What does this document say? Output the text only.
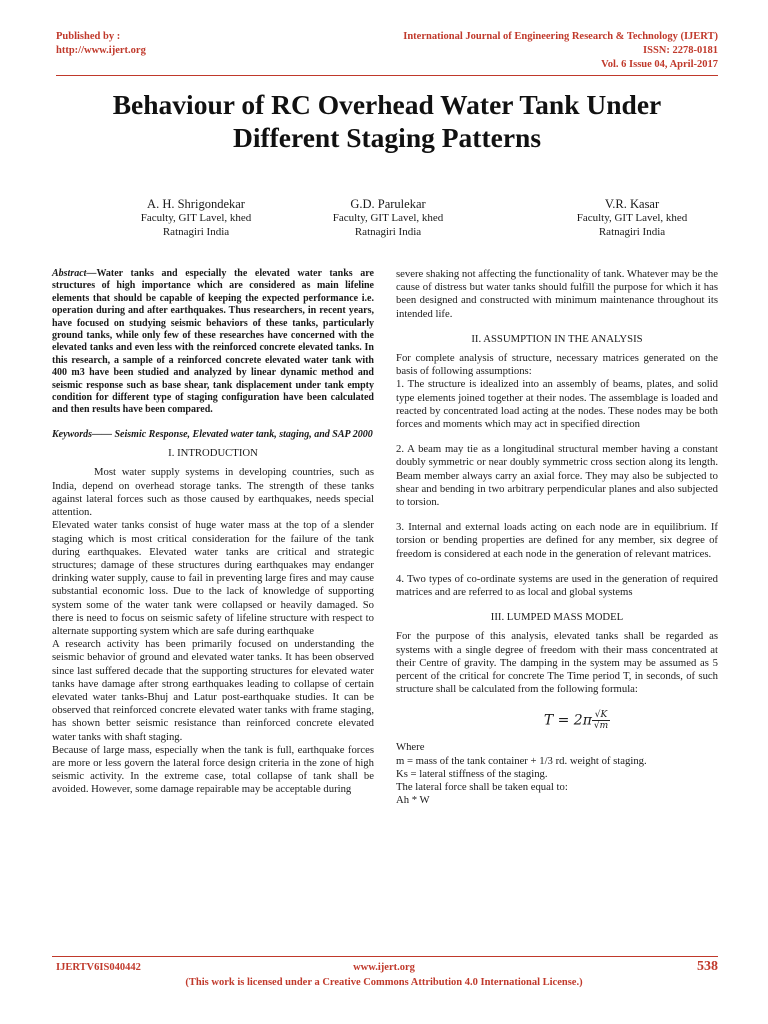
Published by :
http://www.ijert.org
International Journal of Engineering Research & Technology (IJERT)
ISSN: 2278-0181
Vol. 6 Issue 04, April-2017
Behaviour of RC Overhead Water Tank Under
Different Staging Patterns
A. H. Shrigondekar
Faculty, GIT Lavel, khed
Ratnagiri India
G.D. Parulekar
Faculty, GIT Lavel, khed
Ratnagiri India
V.R. Kasar
Faculty, GIT Lavel, khed
Ratnagiri India

Abstract—Water tanks and especially the elevated water tanks are structures of high importance which are considered as main lifeline elements that should be capable of keeping the expected performance i.e. operation during and after earthquakes. Thus researchers, in recent years, have focused on studying seismic behaviors of these tanks, particularly ground tanks, while only few of these researches have concerned with the elevated tanks and even less with the reinforced concrete elevated tanks. In this research, a sample of a reinforced concrete elevated water tank with 400 m3 have been studied and analyzed by linear dynamic method and seismic response such as base shear, tank displacement under tank empty condition for different type of staging configuration have been calculated and then results have been compared.

Keywords—— Seismic Response, Elevated water tank, staging, and SAP 2000

I. INTRODUCTION

Most water supply systems in developing countries, such as India, depend on overhead storage tanks. The strength of these tanks against lateral forces such as those caused by earthquakes, needs special attention.

Elevated water tanks consist of huge water mass at the top of a slender staging which is most critical consideration for the failure of the tank during earthquakes. Elevated water tanks are critical and strategic structures; damage of these structures during earthquakes may endanger drinking water supply, cause to fail in preventing large fires and may cause substantial economic loss. Due to the lack of knowledge of supporting system some of the water tank were collapsed or heavily damaged. So there is need to focus on seismic safety of lifeline structure with respect to alternate supporting system which are safe during earthquake

A research activity has been primarily focused on understanding the seismic behavior of ground and elevated water tanks. It has been observed since last suffered decade that the supporting structures for elevated water tanks have damage after strong earthquakes leading to collapse of certain elevated water tanks-Bhuj and Latur post-earthquake studies. It can be observed that reinforced concrete elevated water tanks with frame staging, has shown better seismic resistance than reinforced concrete elevated water tanks with shaft staging.

Because of large mass, especially when the tank is full, earthquake forces are more or less govern the lateral force design criteria in the zone of high seismic activity. In the extreme case, total collapse of tank shall be avoided. However, some damage repairable may be acceptable during

severe shaking not affecting the functionality of tank. Whatever may be the cause of distress but water tanks should fulfill the purpose for which it has been designed and constructed with minimum maintenance throughout its intended life.

II. ASSUMPTION IN THE ANALYSIS

For complete analysis of structure, necessary matrices generated on the basis of following assumptions:

1. The structure is idealized into an assembly of beams, plates, and solid type elements joined together at their nodes. The assemblage is loaded and reacted by concentrated load acting at the nodes. These nodes may be both forces and moments which may act in specified direction

2. A beam may tie as a longitudinal structural member having a constant doubly symmetric or near doubly symmetric cross section along its length. Beam member always carry an axial force. They may also be subjected to shear and bending in two arbitrary perpendicular planes and also subjected to torsion.

3. Internal and external loads acting on each node are in equilibrium. If torsion or bending properties are defined for any member, six degree of freedom is considered at each node in the generation of relevant matrices.

4. Two types of co-ordinate systems are used in the generation of required matrices and are referred to as local and global systems

III. LUMPED MASS MODEL

For the purpose of this analysis, elevated tanks shall be regarded as systems with a single degree of freedom with their mass concentrated at their Centre of gravity. The damping in the system may be assumed as 5 percent of the critical for concrete The Time period T, in seconds, of such structure shall be calculated from the following formula:

$T = 2\pi \frac{√K}{√m}$

Where

m = mass of the tank container + 1/3 rd. weight of staging.

Ks = lateral stiffness of the staging.

The lateral force shall be taken equal to:

Ah * W

IJERTV6IS040442	www.ijert.org	538
(This work is licensed under a Creative Commons Attribution 4.0 International License.)
